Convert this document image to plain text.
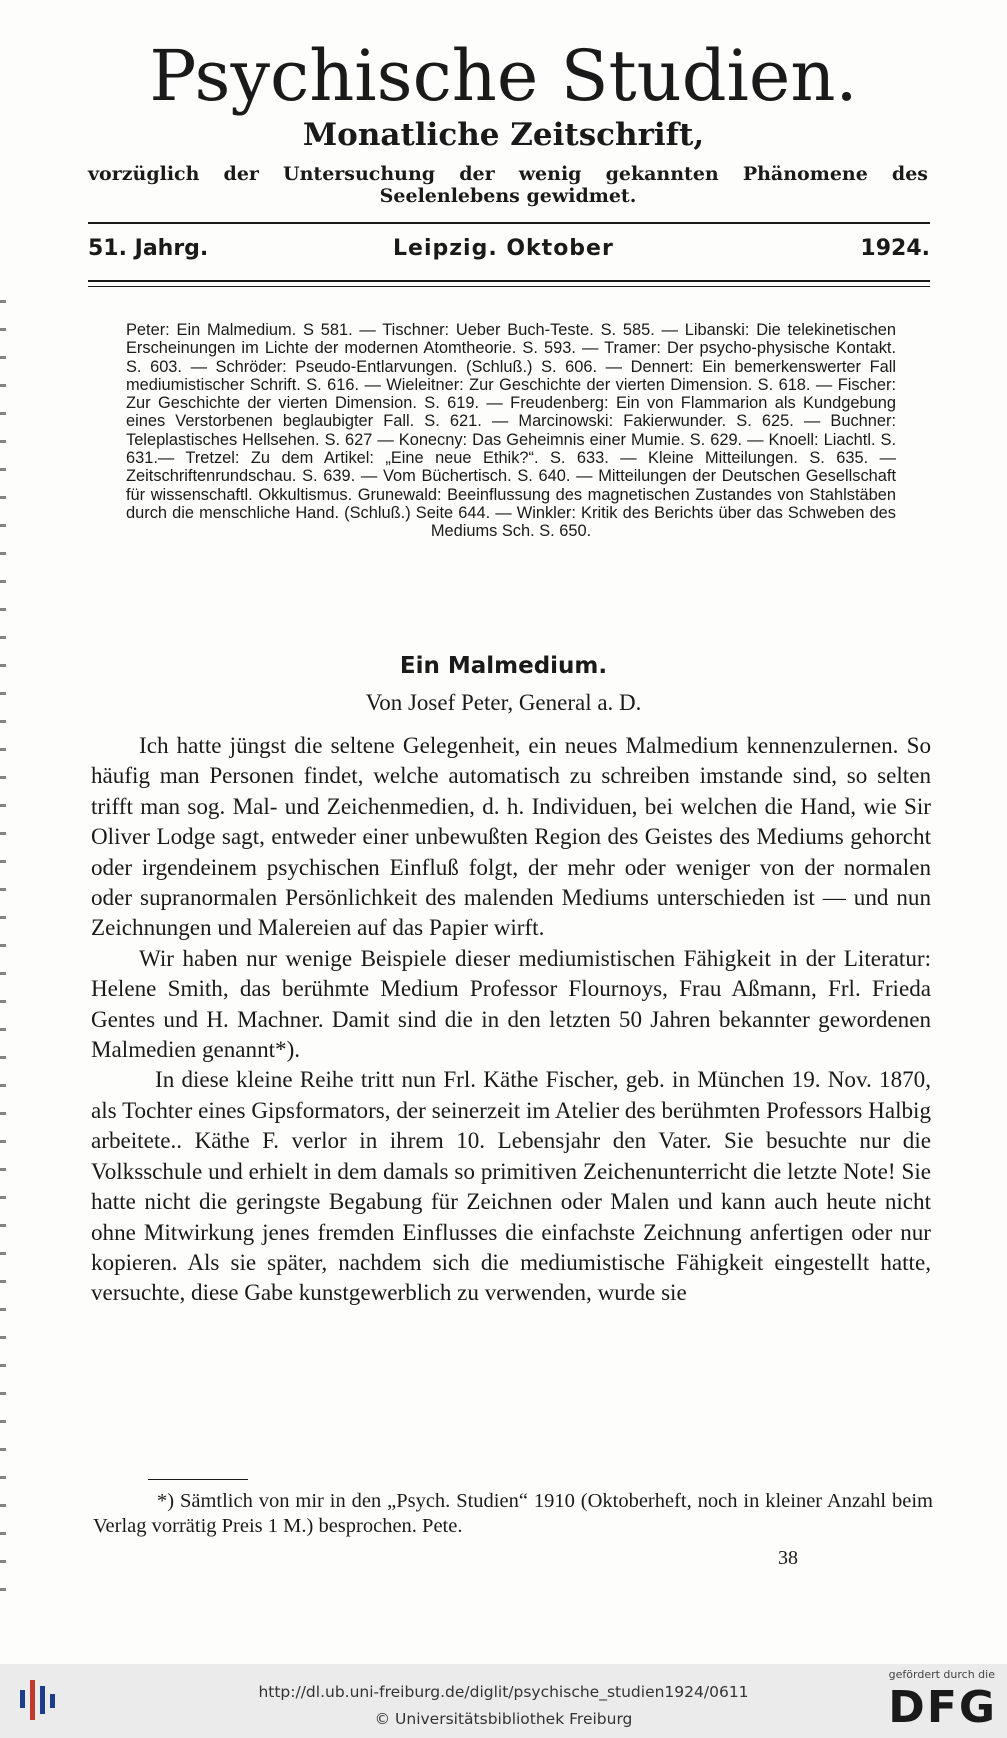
Psychische Studien.
Monatliche Zeitschrift,
vorzüglich der Untersuchung der wenig gekannten Phänomene des Seelenlebens gewidmet.
51. Jahrg.	Leipzig. Oktober	1924.
Peter: Ein Malmedium. S 581. — Tischner: Ueber Buch-Teste. S. 585. — Libanski: Die telekinetischen Erscheinungen im Lichte der modernen Atomtheorie. S. 593. — Tramer: Der psycho-physische Kontakt. S. 603. — Schröder: Pseudo-Entlarvungen. (Schluß.) S. 606. — Dennert: Ein bemerkenswerter Fall mediumistischer Schrift. S. 616. — Wieleitner: Zur Geschichte der vierten Dimension. S. 618. — Fischer: Zur Geschichte der vierten Dimension. S. 619. — Freudenberg: Ein von Flammarion als Kundgebung eines Verstorbenen beglaubigter Fall. S. 621. — Marcinowski: Fakierwunder. S. 625. — Buchner: Teleplastisches Hellsehen. S. 627 — Konecny: Das Geheimnis einer Mumie. S. 629. — Knoell: Liachtl. S. 631.— Tretzel: Zu dem Artikel: „Eine neue Ethik?“. S. 633. — Kleine Mitteilungen. S. 635. — Zeitschriftenrundschau. S. 639. — Vom Büchertisch. S. 640. — Mitteilungen der Deutschen Gesellschaft für wissenschaftl. Okkultismus. Grunewald: Beeinflussung des magnetischen Zustandes von Stahlstäben durch die menschliche Hand. (Schluß.) Seite 644. — Winkler: Kritik des Berichts über das Schweben des Mediums Sch. S. 650.
Ein Malmedium.
Von Josef Peter, General a. D.

Ich hatte jüngst die seltene Gelegenheit, ein neues Malmedium kennenzulernen. So häufig man Personen findet, welche automatisch zu schreiben imstande sind, so selten trifft man sog. Mal- und Zeichenmedien, d. h. Individuen, bei welchen die Hand, wie Sir Oliver Lodge sagt, entweder einer unbewußten Region des Geistes des Mediums gehorcht oder irgendeinem psychischen Einfluß folgt, der mehr oder weniger von der normalen oder supranormalen Persönlichkeit des malenden Mediums unterschieden ist — und nun Zeichnungen und Malereien auf das Papier wirft.

Wir haben nur wenige Beispiele dieser mediumistischen Fähigkeit in der Literatur: Helene Smith, das berühmte Medium Professor Flournoys, Frau Aßmann, Frl. Frieda Gentes und H. Machner. Damit sind die in den letzten 50 Jahren bekannter gewordenen Malmedien genannt*).

In diese kleine Reihe tritt nun Frl. Käthe Fischer, geb. in München 19. Nov. 1870, als Tochter eines Gipsformators, der seinerzeit im Atelier des berühmten Professors Halbig arbeitete.. Käthe F. verlor in ihrem 10. Lebensjahr den Vater. Sie besuchte nur die Volksschule und erhielt in dem damals so primitiven Zeichenunterricht die letzte Note! Sie hatte nicht die geringste Begabung für Zeichnen oder Malen und kann auch heute nicht ohne Mitwirkung jenes fremden Einflusses die einfachste Zeichnung anfertigen oder nur kopieren. Als sie später, nachdem sich die mediumistische Fähigkeit eingestellt hatte, versuchte, diese Gabe kunstgewerblich zu verwenden, wurde sie

*) Sämtlich von mir in den „Psych. Studien“ 1910 (Oktoberheft, noch in kleiner Anzahl beim Verlag vorrätig Preis 1 M.) besprochen. Pete.
38
http://dl.ub.uni-freiburg.de/diglit/psychische_studien1924/0611
© Universitätsbibliothek Freiburg
gefördert durch die
DFG
